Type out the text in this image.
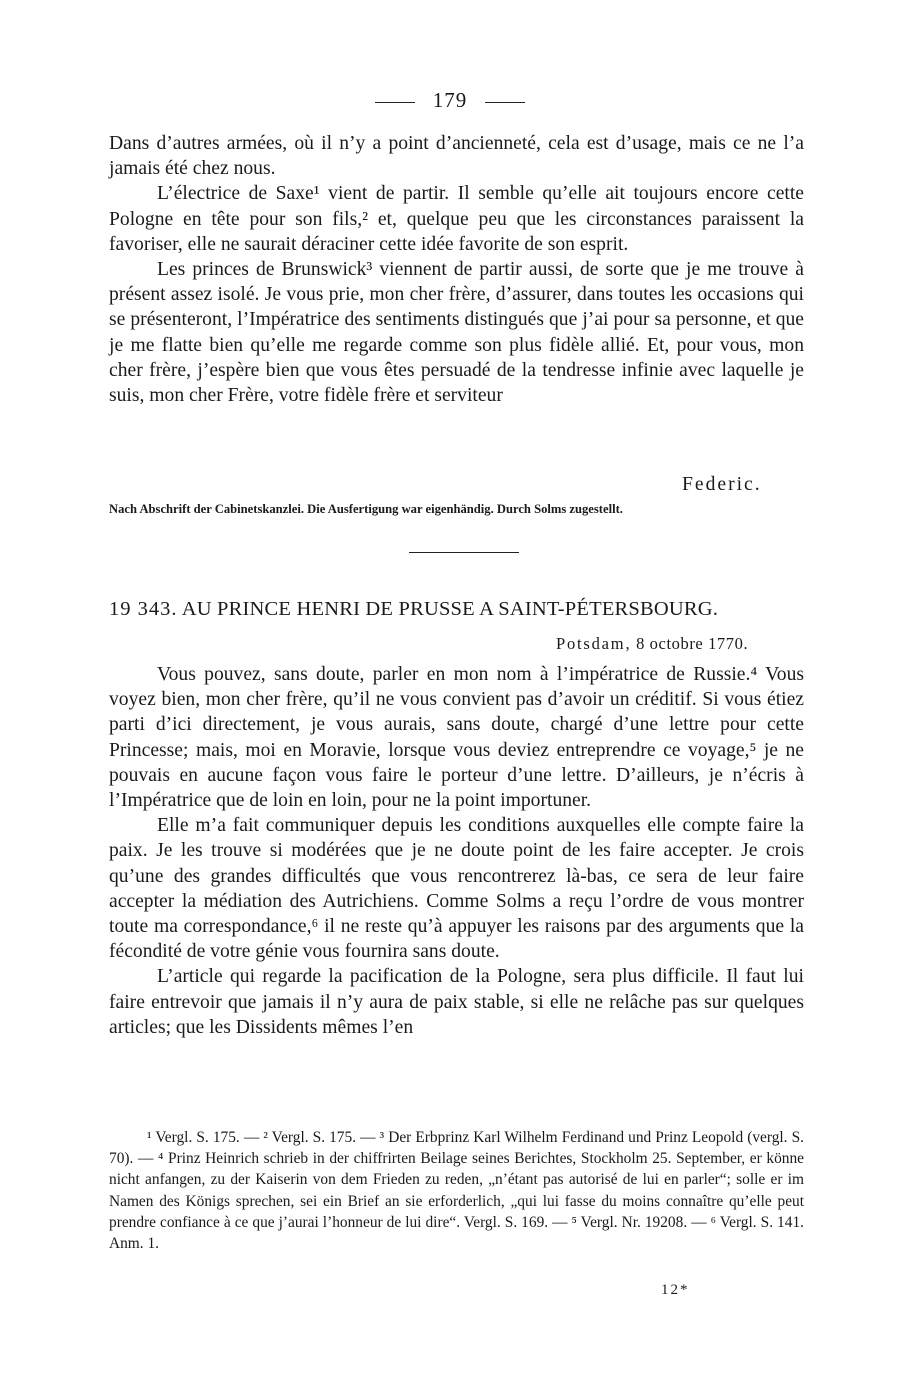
179

Dans d’autres armées, où il n’y a point d’ancienneté, cela est d’usage, mais ce ne l’a jamais été chez nous.

L’électrice de Saxe¹ vient de partir. Il semble qu’elle ait toujours encore cette Pologne en tête pour son fils,² et, quelque peu que les circonstances paraissent la favoriser, elle ne saurait déraciner cette idée favorite de son esprit.

Les princes de Brunswick³ viennent de partir aussi, de sorte que je me trouve à présent assez isolé. Je vous prie, mon cher frère, d’assurer, dans toutes les occasions qui se présenteront, l’Impératrice des sentiments distingués que j’ai pour sa personne, et que je me flatte bien qu’elle me regarde comme son plus fidèle allié. Et, pour vous, mon cher frère, j’espère bien que vous êtes persuadé de la tendresse infinie avec laquelle je suis, mon cher Frère, votre fidèle frère et serviteur

Federic.
Nach Abschrift der Cabinetskanzlei. Die Ausfertigung war eigenhändig. Durch Solms zugestellt.
19 343. AU PRINCE HENRI DE PRUSSE A SAINT-PÉTERSBOURG.
Potsdam, 8 octobre 1770.

Vous pouvez, sans doute, parler en mon nom à l’impératrice de Russie.⁴ Vous voyez bien, mon cher frère, qu’il ne vous convient pas d’avoir un créditif. Si vous étiez parti d’ici directement, je vous aurais, sans doute, chargé d’une lettre pour cette Princesse; mais, moi en Moravie, lorsque vous deviez entreprendre ce voyage,⁵ je ne pouvais en aucune façon vous faire le porteur d’une lettre. D’ailleurs, je n’écris à l’Impératrice que de loin en loin, pour ne la point importuner.

Elle m’a fait communiquer depuis les conditions auxquelles elle compte faire la paix. Je les trouve si modérées que je ne doute point de les faire accepter. Je crois qu’une des grandes difficultés que vous rencontrerez là-bas, ce sera de leur faire accepter la médiation des Autrichiens. Comme Solms a reçu l’ordre de vous montrer toute ma correspondance,⁶ il ne reste qu’à appuyer les raisons par des arguments que la fécondité de votre génie vous fournira sans doute.

L’article qui regarde la pacification de la Pologne, sera plus difficile. Il faut lui faire entrevoir que jamais il n’y aura de paix stable, si elle ne relâche pas sur quelques articles; que les Dissidents mêmes l’en

¹ Vergl. S. 175. — ² Vergl. S. 175. — ³ Der Erbprinz Karl Wilhelm Ferdinand und Prinz Leopold (vergl. S. 70). — ⁴ Prinz Heinrich schrieb in der chiffrirten Beilage seines Berichtes, Stockholm 25. September, er könne nicht anfangen, zu der Kaiserin von dem Frieden zu reden, „n’étant pas autorisé de lui en parler“; solle er im Namen des Königs sprechen, sei ein Brief an sie erforderlich, „qui lui fasse du moins connaître qu’elle peut prendre confiance à ce que j’aurai l’honneur de lui dire“. Vergl. S. 169. — ⁵ Vergl. Nr. 19208. — ⁶ Vergl. S. 141. Anm. 1.

12*
